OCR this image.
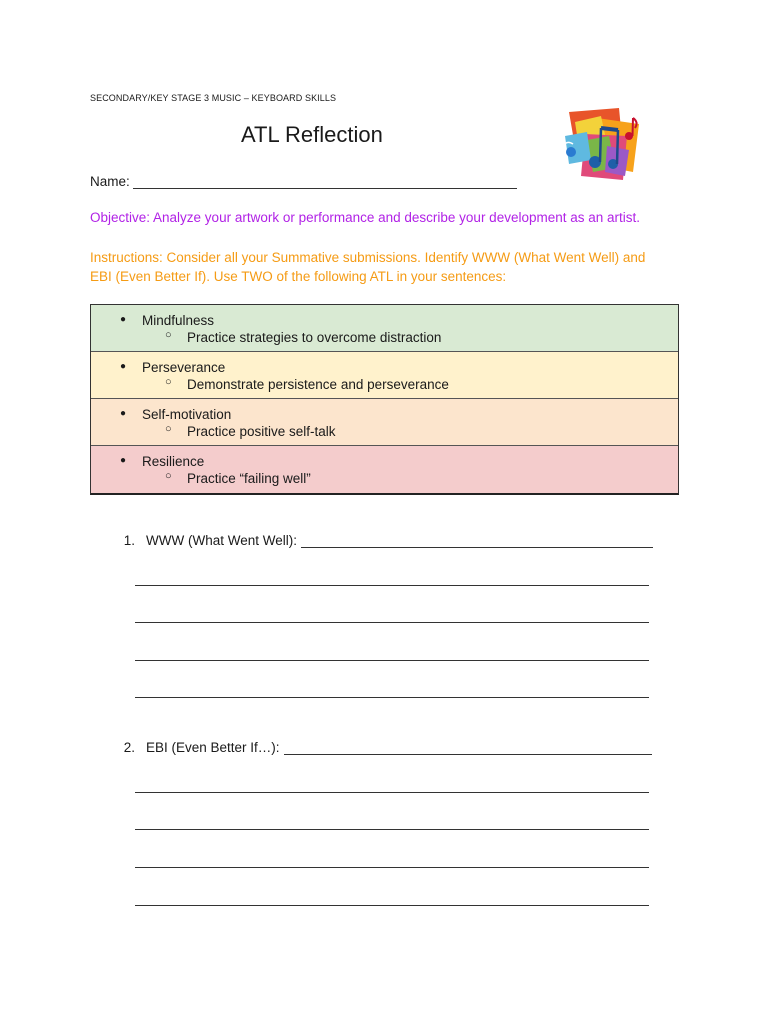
SECONDARY/KEY STAGE 3 MUSIC – KEYBOARD SKILLS
ATL Reflection
Name:
Objective: Analyze your artwork or performance and describe your development as an artist.
Instructions: Consider all your Summative submissions. Identify WWW (What Went Well) and
EBI (Even Better If). Use TWO of the following ATL in your sentences:
● Mindfulness
○ Practice strategies to overcome distraction
● Perseverance
○ Demonstrate persistence and perseverance
● Self-motivation
○ Practice positive self-talk
● Resilience
○ Practice “failing well”
1. WWW (What Went Well):
2. EBI (Even Better If…):
